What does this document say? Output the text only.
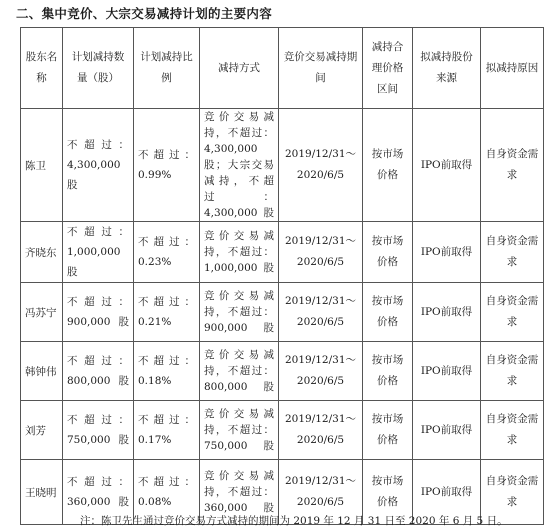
二、集中竞价、大宗交易减持计划的主要内容
股东名称	计划减持数量（股）	计划减持比例	减持方式	竞价交易减持期间	减持合理价格区间	拟减持股份来源	拟减持原因
陈卫	不超过：4,300,000股	不超过：0.99%	竞价交易减持，不超过：4,300,000股；大宗交易减持，不超过：4,300,000股	2019/12/31～2020/6/5	按市场价格	IPO前取得	自身资金需求
齐晓东	不超过：1,000,000股	不超过：0.23%	竞价交易减持，不超过：1,000,000股	2019/12/31～2020/6/5	按市场价格	IPO前取得	自身资金需求
冯苏宁	不超过：900,000股	不超过：0.21%	竞价交易减持，不超过：900,000股	2019/12/31～2020/6/5	按市场价格	IPO前取得	自身资金需求
韩钟伟	不超过：800,000股	不超过：0.18%	竞价交易减持，不超过：800,000股	2019/12/31～2020/6/5	按市场价格	IPO前取得	自身资金需求
刘芳	不超过：750,000股	不超过：0.17%	竞价交易减持，不超过：750,000股	2019/12/31～2020/6/5	按市场价格	IPO前取得	自身资金需求
王晓明	不超过：360,000股	不超过：0.08%	竞价交易减持，不超过：360,000股	2019/12/31～2020/6/5	按市场价格	IPO前取得	自身资金需求
注：陈卫先生通过竞价交易方式减持的期间为 2019 年 12 月 31 日至 2020 年 6 月 5 日。
